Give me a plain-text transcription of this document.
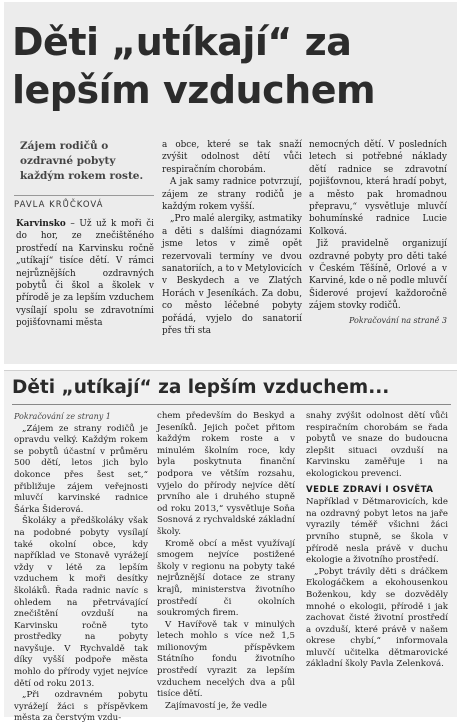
Děti „utíkají“ za
lepším vzduchem

Zájem rodičů o ozdravné pobyty každým rokem roste.

PAVLA KRŮČKOVÁ

Karvinsko – Už už k moři či do hor, ze znečištěného prostředí na Karvinsku ročně „utíkají“ tisíce dětí. V rámci nejrůznějších ozdravných pobytů či škol a školek v přírodě je za lepším vzduchem vysílají spolu se zdravotními pojišťovnami města

a obce, které se tak snaží zvýšit odolnost dětí vůči respiračním chorobám.

A jak samy radnice potvrzují, zájem ze strany rodičů je každým rokem vyšší.

„Pro malé alergiky, astmatiky a děti s dalšími diagnózami jsme letos v zimě opět rezervovali termíny ve dvou sanatoriích, a to v Metylovicích v Beskydech a ve Zlatých Horách v Jeseníkách. Za dobu, co město léčebné pobyty pořádá, vyjelo do sanatorií přes tři sta

nemocných dětí. V posledních letech si potřebné náklady dětí radnice se zdravotní pojišťovnou, která hradí pobyt, a město pak hromadnou přepravu,“ vysvětluje mluvčí bohumínské radnice Lucie Kolková.

Již pravidelně organizují ozdravné pobyty pro děti také v Českém Těšíně, Orlové a v Karviné, kde o ně podle mluvčí Šiderové projeví každoročně zájem stovky rodičů.

Pokračování na straně 3

Děti „utíkají“ za lepším vzduchem...

Pokračování ze strany 1

„Zájem ze strany rodičů je opravdu velký. Každým rokem se pobytů účastní v průměru 500 dětí, letos jich bylo dokonce přes šest set,“ přibližuje zájem veřejnosti mluvčí karvinské radnice Šárka Šiderová.

Školáky a předškoláky však na podobné pobyty vysílají také okolní obce, kdy například ve Stonavě vyrážejí vždy v létě za lepším vzduchem k moři desítky školáků. Řada radnic navíc s ohledem na přetrvávající znečištění ovzduší na Karvinsku ročně tyto prostředky na pobyty navyšuje. V Rychvaldě tak díky vyšší podpoře města mohlo do přírody vyjet nejvíce dětí od roku 2013.

„Při ozdravném pobytu vyrážejí žáci s příspěvkem města za čerstvým vzdu-

chem především do Beskyd a Jeseníků. Jejich počet přitom každým rokem roste a v minulém školním roce, kdy byla poskytnuta finanční podpora ve větším rozsahu, vyjelo do přírody nejvíce dětí prvního ale i druhého stupně od roku 2013,“ vysvětluje Soňa Sosnová z rychvaldské základní školy.

Kromě obcí a měst využívají smogem nejvíce postižené školy v regionu na pobyty také nejrůznější dotace ze strany krajů, ministerstva životního prostředí či okolních soukromých firem.

V Havířově tak v minulých letech mohlo s více než 1,5 milionovým příspěvkem Státního fondu životního prostředí vyrazit za lepším vzduchem necelých dva a půl tisíce dětí.

Zajímavostí je, že vedle

snahy zvýšit odolnost dětí vůči respiračním chorobám se řada pobytů ve snaze do budoucna zlepšit situaci ovzduší na Karvinsku zaměřuje i na ekologickou prevenci.

VEDLE ZDRAVÍ I OSVĚTA

Například v Dětmarovicích, kde na ozdravný pobyt letos na jaře vyrazily téměř všichni žáci prvního stupně, se škola v přírodě nesla právě v duchu ekologie a životního prostředí.

„Pobyt trávily děti s dráčkem Ekologáčkem a ekohousenkou Boženkou, kdy se dozvěděly mnohé o ekologii, přírodě i jak zachovat čisté životní prostředí a ovzduší, které právě v našem okrese chybí,“ informovala mluvčí učitelka dětmarovické základní školy Pavla Zelenková.
